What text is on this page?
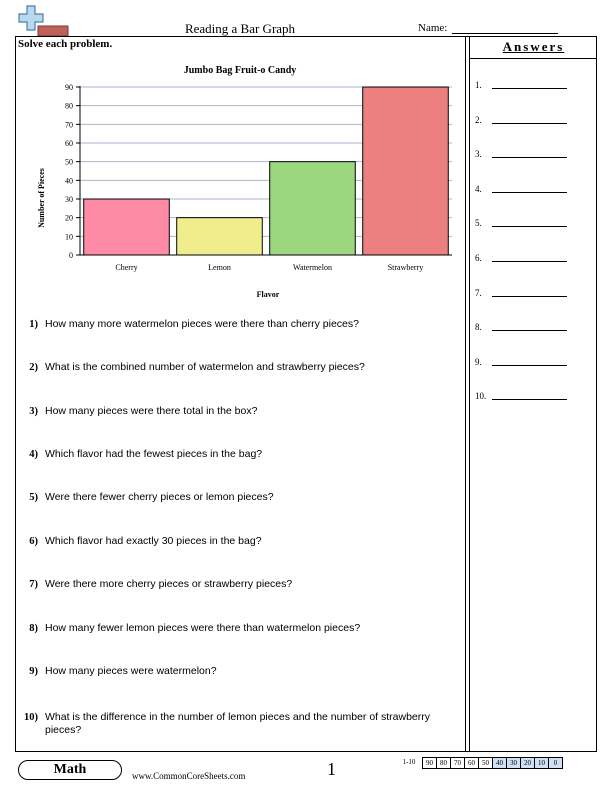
Reading a Bar Graph	Name:
Solve each problem.
Jumbo Bag Fruit-o Candy
Number of Pieces
Flavor
0
10
20
30
40
50
60
70
80
90
Cherry	Lemon	Watermelon	Strawberry
1) How many more watermelon pieces were there than cherry pieces?
2) What is the combined number of watermelon and strawberry pieces?
3) How many pieces were there total in the box?
4) Which flavor had the fewest pieces in the bag?
5) Were there fewer cherry pieces or lemon pieces?
6) Which flavor had exactly 30 pieces in the bag?
7) Were there more cherry pieces or strawberry pieces?
8) How many fewer lemon pieces were there than watermelon pieces?
9) How many pieces were watermelon?
10) What is the difference in the number of lemon pieces and the number of strawberry pieces?
Answers
1.
2.
3.
4.
5.
6.
7.
8.
9.
10.
Math	www.CommonCoreSheets.com	1	1-10	90	80	70	60	50	40	30	20	10	0
